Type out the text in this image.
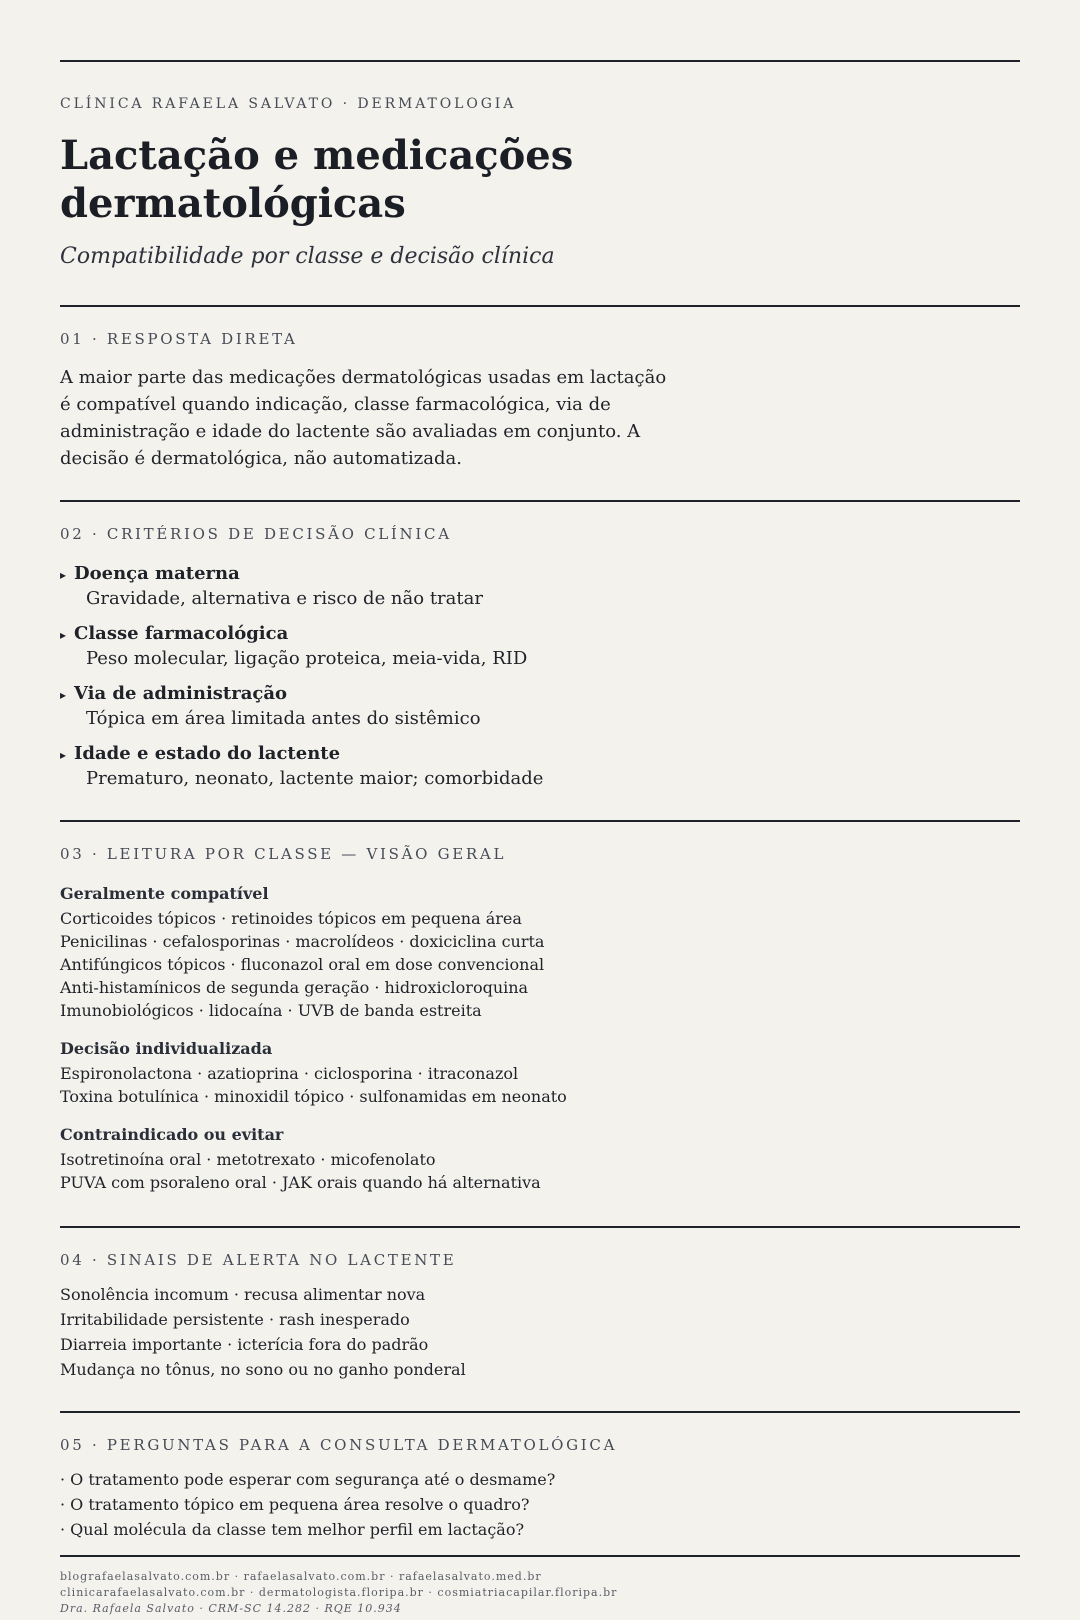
CLÍNICA RAFAELA SALVATO · DERMATOLOGIA
Lactação e medicações dermatológicas
Compatibilidade por classe e decisão clínica
01 · RESPOSTA DIRETA
A maior parte das medicações dermatológicas usadas em lactação é compatível quando indicação, classe farmacológica, via de administração e idade do lactente são avaliadas em conjunto. A decisão é dermatológica, não automatizada.
02 · CRITÉRIOS DE DECISÃO CLÍNICA
▸Doença materna
Gravidade, alternativa e risco de não tratar
▸Classe farmacológica
Peso molecular, ligação proteica, meia-vida, RID
▸Via de administração
Tópica em área limitada antes do sistêmico
▸Idade e estado do lactente
Prematuro, neonato, lactente maior; comorbidade
03 · LEITURA POR CLASSE — VISÃO GERAL
Geralmente compatível
Corticoides tópicos · retinoides tópicos em pequena área
Penicilinas · cefalosporinas · macrolídeos · doxiciclina curta
Antifúngicos tópicos · fluconazol oral em dose convencional
Anti-histamínicos de segunda geração · hidroxicloroquina
Imunobiológicos · lidocaína · UVB de banda estreita
Decisão individualizada
Espironolactona · azatioprina · ciclosporina · itraconazol
Toxina botulínica · minoxidil tópico · sulfonamidas em neonato
Contraindicado ou evitar
Isotretinoína oral · metotrexato · micofenolato
PUVA com psoraleno oral · JAK orais quando há alternativa
04 · SINAIS DE ALERTA NO LACTENTE
Sonolência incomum · recusa alimentar nova
Irritabilidade persistente · rash inesperado
Diarreia importante · icterícia fora do padrão
Mudança no tônus, no sono ou no ganho ponderal
05 · PERGUNTAS PARA A CONSULTA DERMATOLÓGICA
· O tratamento pode esperar com segurança até o desmame?
· O tratamento tópico em pequena área resolve o quadro?
· Qual molécula da classe tem melhor perfil em lactação?
blografaelasalvato.com.br · rafaelasalvato.com.br · rafaelasalvato.med.br
clinicarafaelasalvato.com.br · dermatologista.floripa.br · cosmiatriacapilar.floripa.br
Dra. Rafaela Salvato · CRM-SC 14.282 · RQE 10.934
